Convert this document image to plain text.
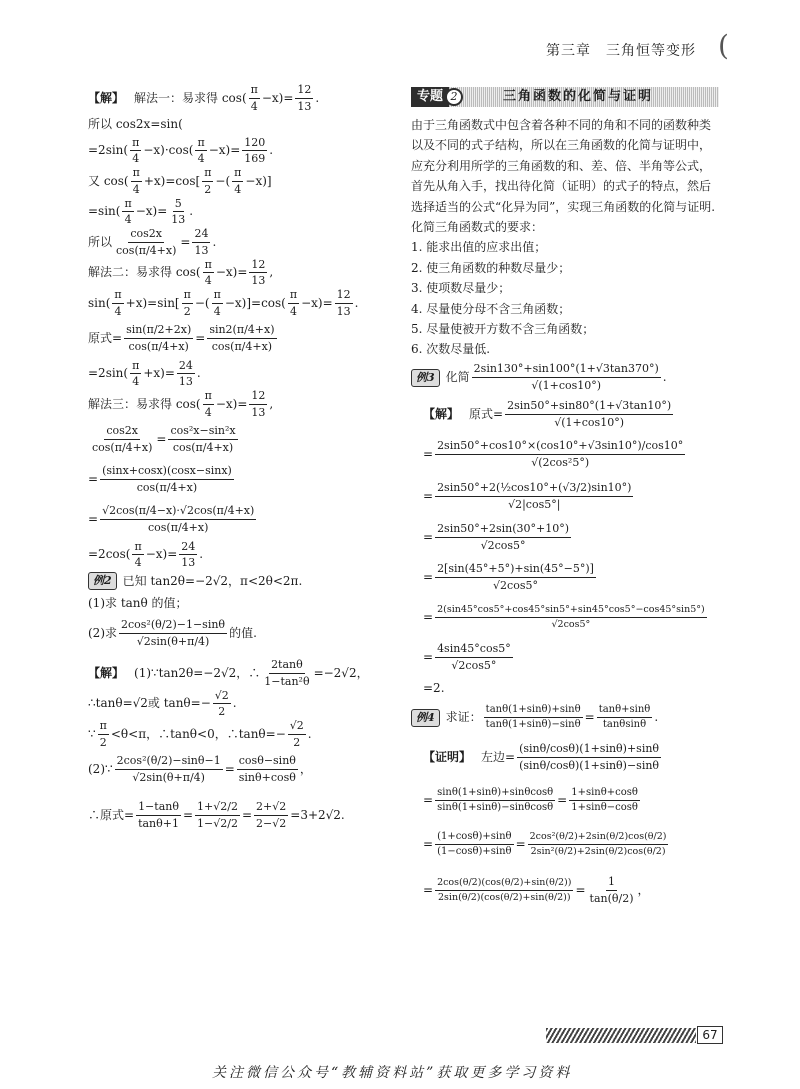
第三章　三角恒等变形 (
【解】 解法一：易求得 cos ( $\frac{\pi}{4} -x)= \frac{12}{13}$ .
所以 cos2x=sin(
$=2\sin( \frac{\pi}{4} -x)\cdot\cos( \frac{\pi}{4} -x)= \frac{120}{169}$ .
又 $\cos( \frac{\pi}{4} +x)=\cos[ \frac{\pi}{2}$ −( $\frac{\pi}{4} -x$)]
$=\sin( \frac{\pi}{4} -x)= \frac{5}{13}$ .
所以 $\frac{\cos 2x}{\cos(\pi/4+x)} = \frac{24}{13}$ .
解法二：易求得 $\cos( \frac{\pi}{4} -x)= \frac{12}{13}$ ,
$\sin( \frac{\pi}{4} +x)=\sin[ \frac{\pi}{2}$ −( $\frac{\pi}{4} -x)]=\cos( \frac{\pi}{4} -x)= \frac{12}{13}$ .
原式= $\frac{\sin(\pi/2+2x)}{\cos(\pi/4+x)} = \frac{\sin 2(\pi/4+x)}{\cos(\pi/4+x)}$
$=2\sin( \frac{\pi}{4} +x)= \frac{24}{13}$ .
解法三：易求得 $\cos( \frac{\pi}{4} -x)= \frac{12}{13}$ ,
$\frac{\cos 2x}{\cos(\pi/4+x)} = \frac{\text{cos²x−sin²x}}{\cos(\pi/4+x)}$
= $\frac{(\sin x+\cos x)(\cos x-\sin x)}{\cos(\pi/4+x)}$
= $\frac{√2\cos(\pi/4-x)\cdot√2\cos(\pi/4+x)}{\cos(\pi/4+x)}$
$=2\cos( \frac{\pi}{4} -x)= \frac{24}{13}$ .
例2 已知 tan2θ=−2√2，π<2θ<2π.
(1)求 tanθ 的值；
(2)求 $\frac{\text{2cos²(θ/2)−1−sinθ}}{√2\sin(\theta+\pi/4)}$ 的值.
【解】 (1)∵tan2θ=−2√2，∴ $\frac{2\tan\theta}{\text{1−tan²θ}} =-2√2$，
∴tanθ=√2或 $\tan\theta=- \frac{√2}{2}$ .
∵ $\frac{\pi}{2} <\theta<\pi$，∴tanθ<0，∴tanθ=− $\frac{√2}{2}$ .
(2)∵ $\frac{\text{2cos²(θ/2)−sinθ−1}}{√2\sin(\theta+\pi/4)} = \frac{\cos\theta-\sin\theta}{\sin\theta+\cos\theta}$ ，
∴原式= $\frac{1-\tan\theta}{\tan\theta+1} = \frac{1+√2/2}{1-√2/2} = \frac{2+√2}{2-√2} =3+2√2$.
专题 2	三角函数的化简与证明
由于三角函数式中包含着各种不同的角和不同的函数种类以及不同的式子结构，所以在三角函数的化简与证明中，应充分利用所学的三角函数的和、差、倍、半角等公式，首先从角入手，找出待化简（证明）的式子的特点，然后选择适当的公式“化异为同”，实现三角函数的化简与证明.
化简三角函数式的要求：
1. 能求出值的应求出值；
2. 使三角函数的种数尽量少；
3. 使项数尽量少；
4. 尽量使分母不含三角函数；
5. 尽量使被开方数不含三角函数；
6. 次数尽量低.
例3 化简 $\frac{2\sin 130^\circ+\sin 100^\circ(1+√3\tan 370^\circ)}{√(1+\cos 10^\circ)}$ .
【解】 原式= $\frac{2\sin 50^\circ+\sin 80^\circ(1+√3\tan 10^\circ)}{√(1+\cos 10^\circ)}$
= $\frac{2\sin 50^\circ+\cos 10^\circ\times(\cos 10^\circ+√3\sin 10^\circ)/\cos 10^\circ}{\text{√(2cos²5°)}}$
= $\frac{\text{2sin50°+2(½cos10°+(√3/2)sin10°)}}{√2|\cos 5^\circ|}$
= $\frac{2\sin 50^\circ+2\sin(30^\circ+10^\circ)}{√2\cos 5^\circ}$
= $\frac{2[\sin(45^\circ+5^\circ)+\sin(45^\circ-5^\circ)]}{√2\cos 5^\circ}$
= $\frac{2(\sin 45^\circ\cos 5^\circ+\cos 45^\circ\sin 5^\circ+\sin 45^\circ\cos 5^\circ-\cos 45^\circ\sin 5^\circ)}{√2\cos 5^\circ}$
= $\frac{4\sin 45^\circ\cos 5^\circ}{√2\cos 5^\circ}$
=2.
例4 求证： $\frac{\tan\theta(1+\sin\theta)+\sin\theta}{\tan\theta(1+\sin\theta)-\sin\theta} = \frac{\tan\theta+\sin\theta}{\tan\theta\sin\theta}$ .
【证明】 左边= $\frac{(\sin\theta/\cos\theta)(1+\sin\theta)+\sin\theta}{(\sin\theta/\cos\theta)(1+\sin\theta)-\sin\theta}$
= $\frac{\sin\theta(1+\sin\theta)+\sin\theta\cos\theta}{\sin\theta(1+\sin\theta)-\sin\theta\cos\theta} = \frac{1+\sin\theta+\cos\theta}{1+\sin\theta-\cos\theta}$
= $\frac{(1+\cos\theta)+\sin\theta}{(1-\cos\theta)+\sin\theta} = \frac{\text{2cos²(θ/2)+2sin(θ/2)cos(θ/2)}}{\text{2sin²(θ/2)+2sin(θ/2)cos(θ/2)}}$
= $\frac{2\cos(\theta/2)(\cos(\theta/2)+\sin(\theta/2))}{2\sin(\theta/2)(\cos(\theta/2)+\sin(\theta/2))} = \frac{1}{\tan(\theta/2)}$ ，
67
关注微信公众号“教辅资料站”获取更多学习资料
